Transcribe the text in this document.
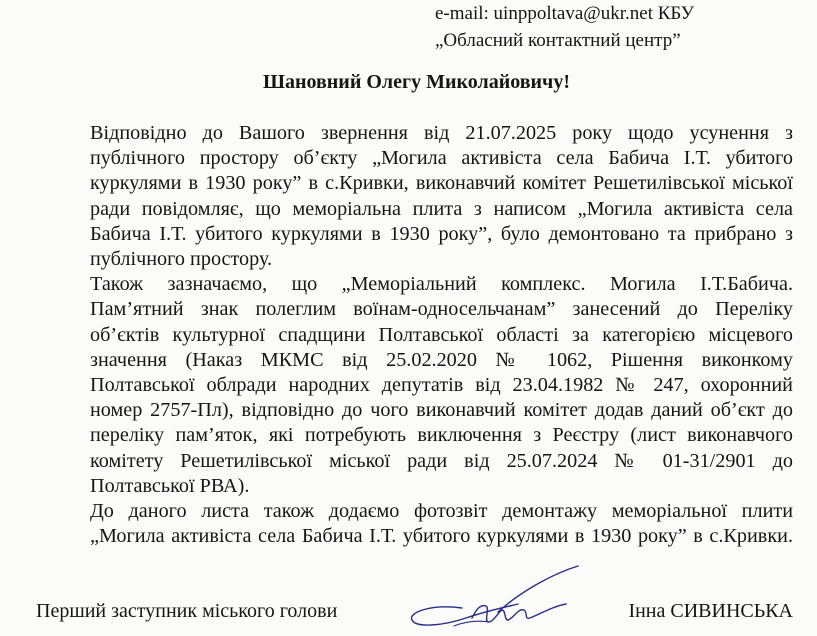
e-mail: uinppoltava@ukr.net КБУ
„Обласний контактний центр”
Шановний Олегу Миколайовичу!

Відповідно до Вашого звернення від 21.07.2025 року щодо усунення з
публічного простору об’єкту „Могила активіста села Бабича І.Т. убитого
куркулями в 1930 року” в с.Кривки, виконавчий комітет Решетилівської міської
ради повідомляє, що меморіальна плита з написом „Могила активіста села
Бабича І.Т. убитого куркулями в 1930 року”, було демонтовано та прибрано з
публічного простору.

Також зазначаємо, що „Меморіальний комплекс. Могила І.Т.Бабича.
Пам’ятний знак полеглим воїнам-односельчанам” занесений до Переліку
об’єктів культурної спадщини Полтавської області за категорією місцевого
значення (Наказ МКМС від 25.02.2020 № 1062, Рішення виконкому
Полтавської облради народних депутатів від 23.04.1982 № 247, охоронний
номер 2757-Пл), відповідно до чого виконавчий комітет додав даний об’єкт до
переліку пам’яток, які потребують виключення з Реєстру (лист виконавчого
комітету Решетилівської міської ради від 25.07.2024 № 01-31/2901 до
Полтавської РВА).

До даного листа також додаємо фотозвіт демонтажу меморіальної плити
„Могила активіста села Бабича І.Т. убитого куркулями в 1930 року” в с.Кривки.

Перший заступник міського голови	Інна СИВИНСЬКА
